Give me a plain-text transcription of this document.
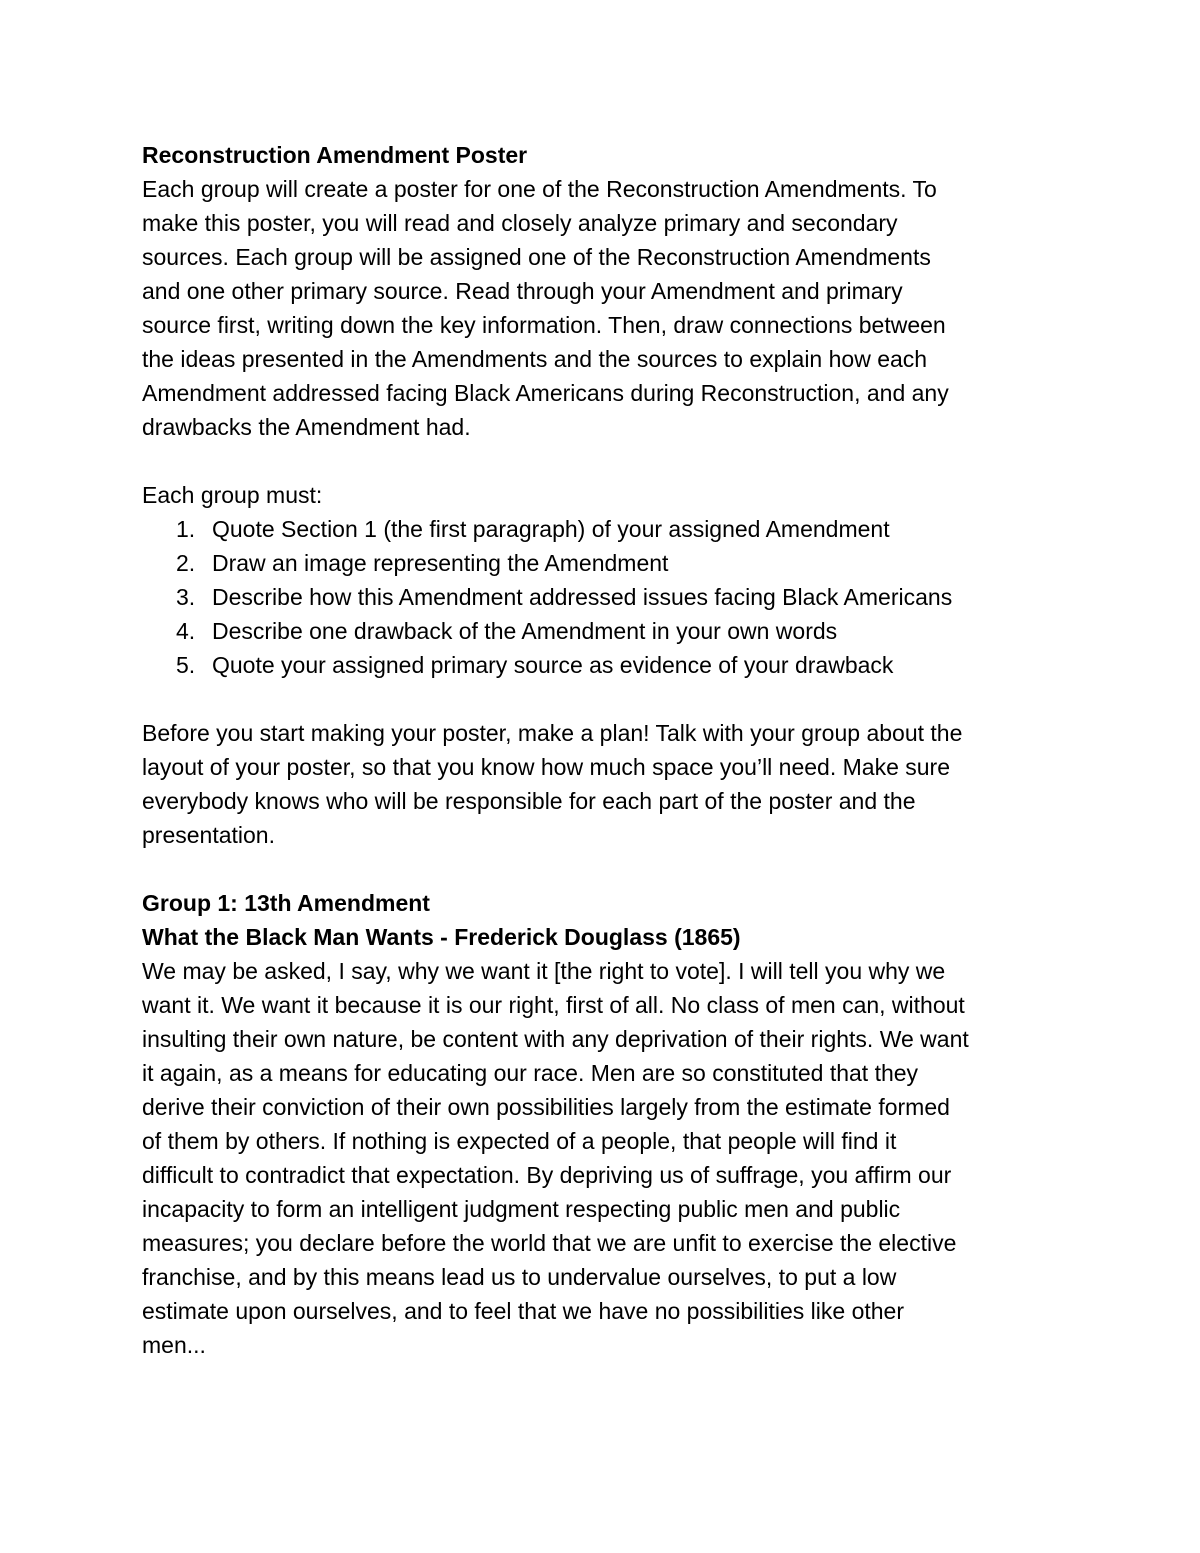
Reconstruction Amendment Poster
Each group will create a poster for one of the Reconstruction Amendments. To
make this poster, you will read and closely analyze primary and secondary
sources. Each group will be assigned one of the Reconstruction Amendments
and one other primary source. Read through your Amendment and primary
source first, writing down the key information. Then, draw connections between
the ideas presented in the Amendments and the sources to explain how each
Amendment addressed facing Black Americans during Reconstruction, and any
drawbacks the Amendment had.
Each group must:
1. Quote Section 1 (the first paragraph) of your assigned Amendment
2. Draw an image representing the Amendment
3. Describe how this Amendment addressed issues facing Black Americans
4. Describe one drawback of the Amendment in your own words
5. Quote your assigned primary source as evidence of your drawback
Before you start making your poster, make a plan! Talk with your group about the
layout of your poster, so that you know how much space you’ll need. Make sure
everybody knows who will be responsible for each part of the poster and the
presentation.
Group 1: 13th Amendment
What the Black Man Wants - Frederick Douglass (1865)
We may be asked, I say, why we want it [the right to vote]. I will tell you why we
want it. We want it because it is our right, first of all. No class of men can, without
insulting their own nature, be content with any deprivation of their rights. We want
it again, as a means for educating our race. Men are so constituted that they
derive their conviction of their own possibilities largely from the estimate formed
of them by others. If nothing is expected of a people, that people will find it
difficult to contradict that expectation. By depriving us of suffrage, you affirm our
incapacity to form an intelligent judgment respecting public men and public
measures; you declare before the world that we are unfit to exercise the elective
franchise, and by this means lead us to undervalue ourselves, to put a low
estimate upon ourselves, and to feel that we have no possibilities like other
men...
